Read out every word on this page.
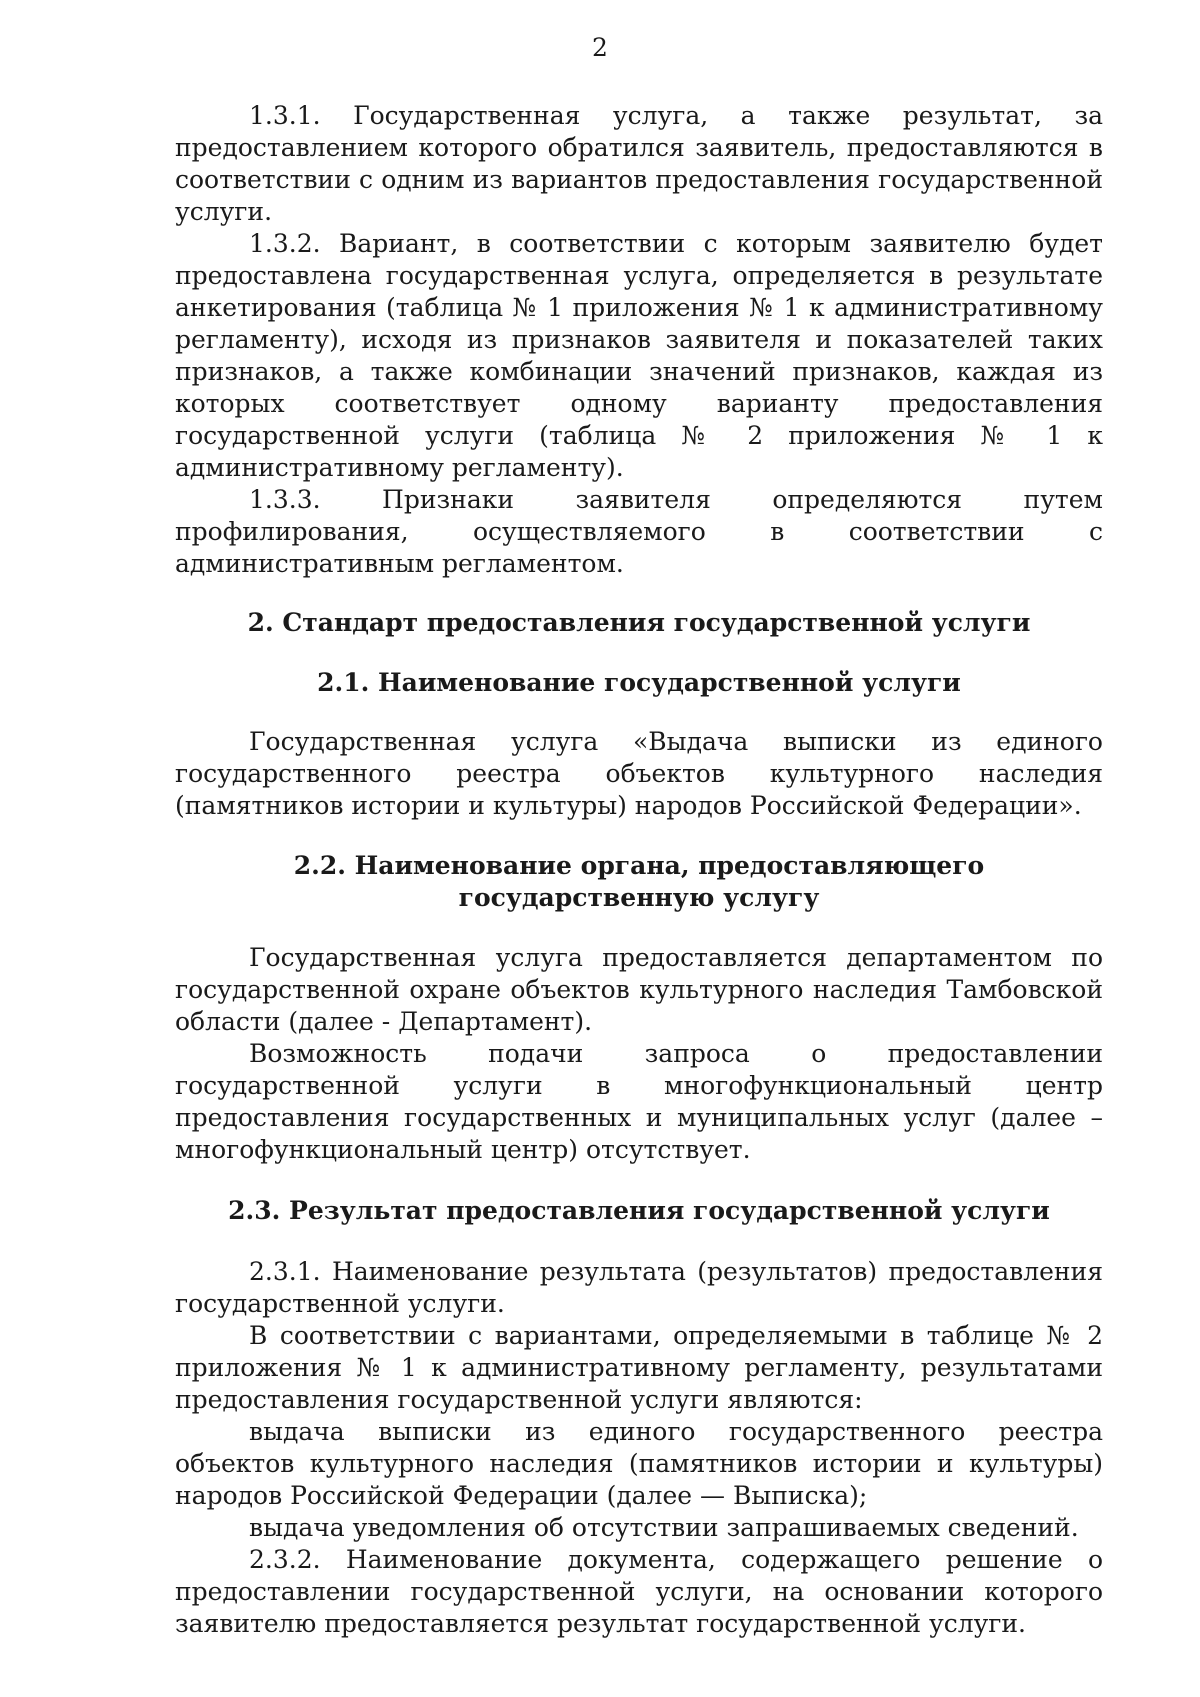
2

1.3.1. Государственная услуга, а также результат, за предоставлением которого обратился заявитель, предоставляются в соответствии с одним из вариантов предоставления государственной услуги.

1.3.2. Вариант, в соответствии с которым заявителю будет предоставлена государственная услуга, определяется в результате анкетирования (таблица № 1 приложения № 1 к административному регламенту), исходя из признаков заявителя и показателей таких признаков, а также комбинации значений признаков, каждая из которых соответствует одному варианту предоставления государственной услуги (таблица № 2 приложения № 1 к административному регламенту).

1.3.3. Признаки заявителя определяются путем профилирования, осуществляемого в соответствии с административным регламентом.

2. Стандарт предоставления государственной услуги
2.1. Наименование государственной услуги

Государственная услуга «Выдача выписки из единого государственного реестра объектов культурного наследия (памятников истории и культуры) народов Российской Федерации».

2.2. Наименование органа, предоставляющего государственную услугу

Государственная услуга предоставляется департаментом по государственной охране объектов культурного наследия Тамбовской области (далее - Департамент).

Возможность подачи запроса о предоставлении государственной услуги в многофункциональный центр предоставления государственных и муниципальных услуг (далее – многофункциональный центр) отсутствует.

2.3. Результат предоставления государственной услуги

2.3.1. Наименование результата (результатов) предоставления государственной услуги.

В соответствии с вариантами, определяемыми в таблице № 2 приложения № 1 к административному регламенту, результатами предоставления государственной услуги являются:

выдача выписки из единого государственного реестра объектов культурного наследия (памятников истории и культуры) народов Российской Федерации (далее — Выписка);

выдача уведомления об отсутствии запрашиваемых сведений.

2.3.2. Наименование документа, содержащего решение о предоставлении государственной услуги, на основании которого заявителю предоставляется результат государственной услуги.
